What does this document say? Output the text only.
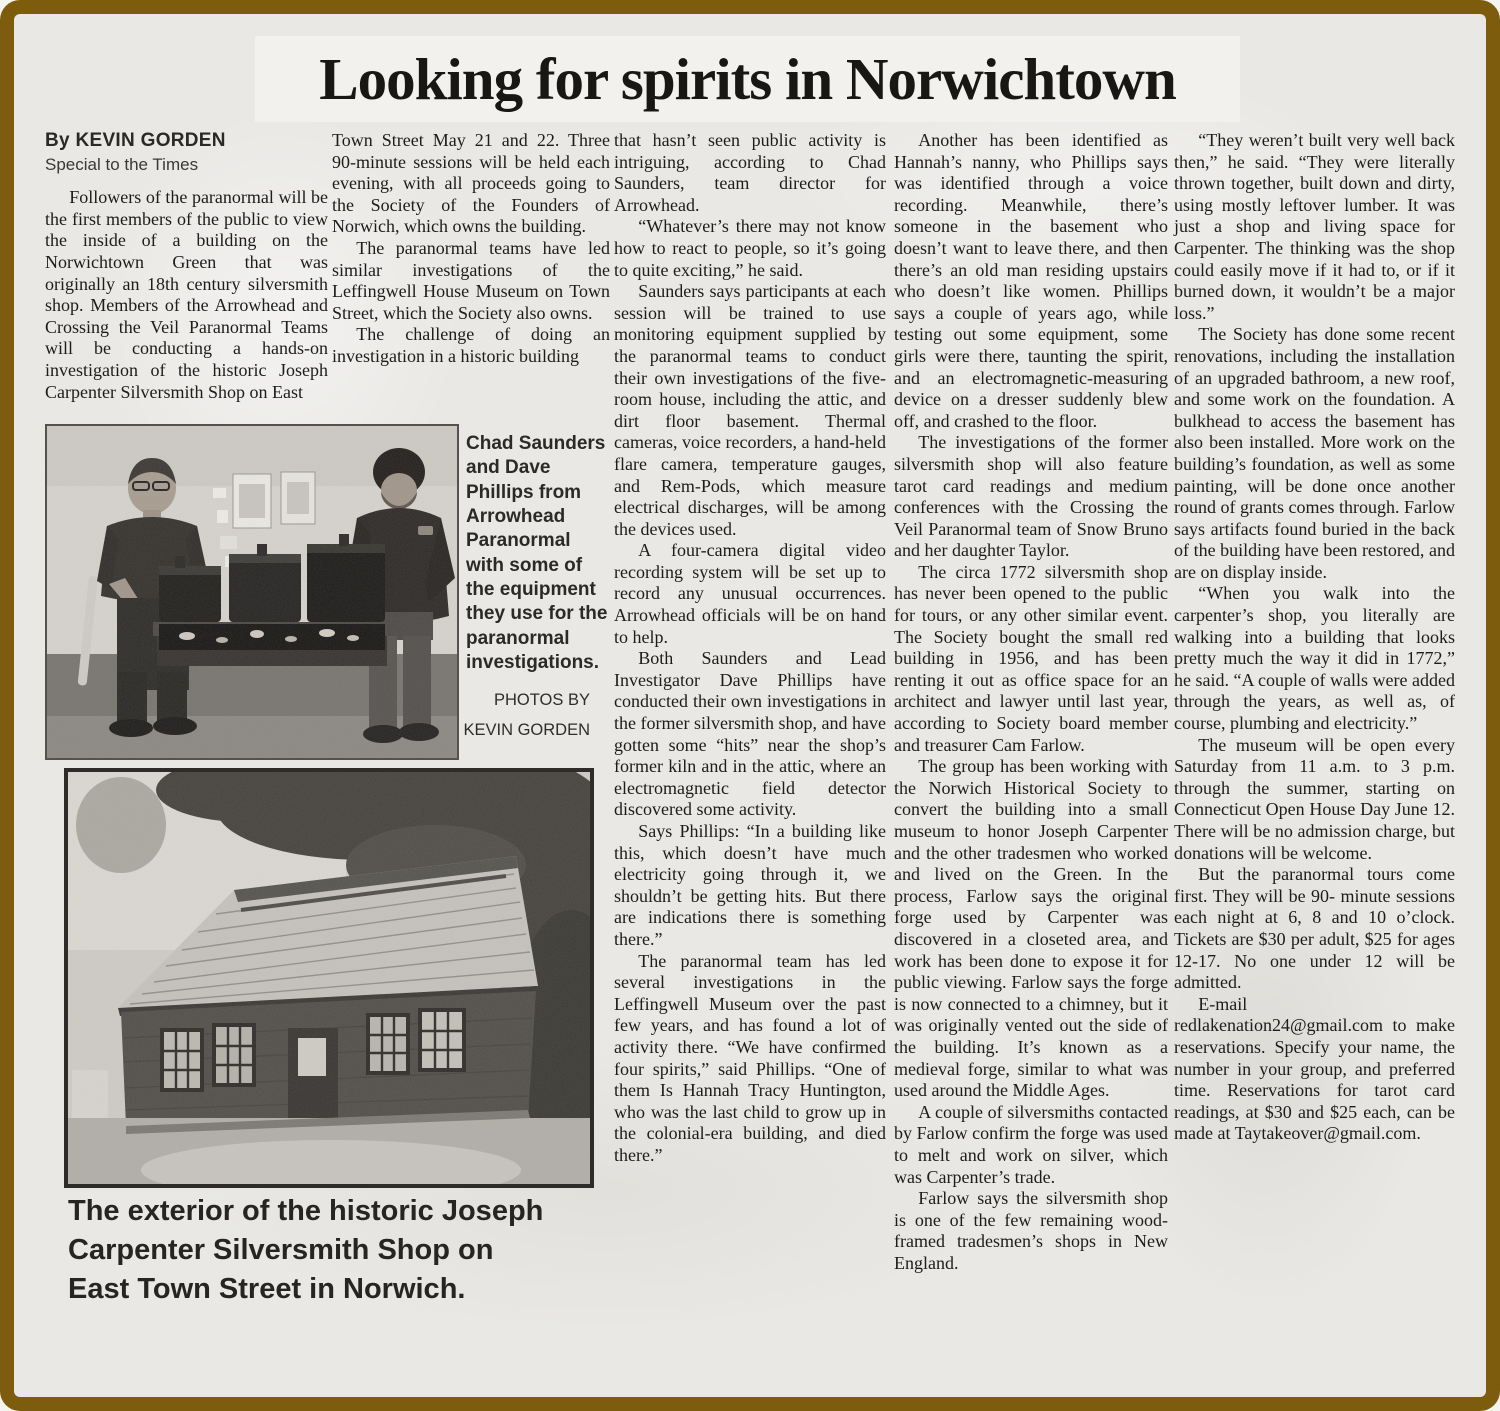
Looking for spirits in Norwichtown
By KEVIN GORDEN
Special to the Times

Followers of the paranormal will be the first members of the public to view the inside of a building on the Norwichtown Green that was originally an 18th century silversmith shop. Members of the Arrowhead and Crossing the Veil Paranormal Teams will be conducting a hands-on investigation of the historic Joseph Carpenter Silversmith Shop on East

Town Street May 21 and 22. Three 90-minute sessions will be held each evening, with all proceeds going to the Society of the Founders of Norwich, which owns the building.

The paranormal teams have led similar investigations of the Leffingwell House Museum on Town Street, which the Society also owns.

The challenge of doing an investigation in a historic building

that hasn’t seen public activity is intriguing, according to Chad Saunders, team director for Arrowhead.

“Whatever’s there may not know how to react to people, so it’s going to quite exciting,” he said.

Saunders says participants at each session will be trained to use monitoring equipment supplied by the paranormal teams to conduct their own investigations of the five-room house, including the attic, and dirt floor basement. Thermal cameras, voice recorders, a hand-held flare camera, temperature gauges, and Rem-Pods, which measure electrical discharges, will be among the devices used.

A four-camera digital video recording system will be set up to record any unusual occurrences. Arrowhead officials will be on hand to help.

Both Saunders and Lead Investigator Dave Phillips have conducted their own investigations in the former silversmith shop, and have gotten some “hits” near the shop’s former kiln and in the attic, where an electromagnetic field detector discovered some activity.

Says Phillips: “In a building like this, which doesn’t have much electricity going through it, we shouldn’t be getting hits. But there are indications there is something there.”

The paranormal team has led several investigations in the Leffingwell Museum over the past few years, and has found a lot of activity there. “We have confirmed four spirits,” said Phillips. “One of them Is Hannah Tracy Huntington, who was the last child to grow up in the colonial-era building, and died there.”

Another has been identified as Hannah’s nanny, who Phillips says was identified through a voice recording. Meanwhile, there’s someone in the basement who doesn’t want to leave there, and then there’s an old man residing upstairs who doesn’t like women. Phillips says a couple of years ago, while testing out some equipment, some girls were there, taunting the spirit, and an electromagnetic-measuring device on a dresser suddenly blew off, and crashed to the floor.

The investigations of the former silversmith shop will also feature tarot card readings and medium conferences with the Crossing the Veil Paranormal team of Snow Bruno and her daughter Taylor.

The circa 1772 silversmith shop has never been opened to the public for tours, or any other similar event. The Society bought the small red building in 1956, and has been renting it out as office space for an architect and lawyer until last year, according to Society board member and treasurer Cam Farlow.

The group has been working with the Norwich Historical Society to convert the building into a small museum to honor Joseph Carpenter and the other tradesmen who worked and lived on the Green. In the process, Farlow says the original forge used by Carpenter was discovered in a closeted area, and work has been done to expose it for public viewing. Farlow says the forge is now connected to a chimney, but it was originally vented out the side of the building. It’s known as a medieval forge, similar to what was used around the Middle Ages.

A couple of silversmiths contacted by Farlow confirm the forge was used to melt and work on silver, which was Carpenter’s trade.

Farlow says the silversmith shop is one of the few remaining wood-framed tradesmen’s shops in New England.

“They weren’t built very well back then,” he said. “They were literally thrown together, built down and dirty, using mostly leftover lumber. It was just a shop and living space for Carpenter. The thinking was the shop could easily move if it had to, or if it burned down, it wouldn’t be a major loss.”

The Society has done some recent renovations, including the installation of an upgraded bathroom, a new roof, and some work on the foundation. A bulkhead to access the basement has also been installed. More work on the building’s foundation, as well as some painting, will be done once another round of grants comes through. Farlow says artifacts found buried in the back of the building have been restored, and are on display inside.

“When you walk into the carpenter’s shop, you literally are walking into a building that looks pretty much the way it did in 1772,” he said. “A couple of walls were added through the years, as well as, of course, plumbing and electricity.”

The museum will be open every Saturday from 11 a.m. to 3 p.m. through the summer, starting on Connecticut Open House Day June 12. There will be no admission charge, but donations will be welcome.

But the paranormal tours come first. They will be 90- minute sessions each night at 6, 8 and 10 o’clock. Tickets are $30 per adult, $25 for ages 12-17. No one under 12 will be admitted.

E-mail redlakenation24@gmail.com to make reservations. Specify your name, the number in your group, and preferred time. Reservations for tarot card readings, at $30 and $25 each, can be made at Taytakeover@gmail.com.

Chad Saunders and Dave Phillips from Arrowhead Paranormal with some of the equipment they use for the paranormal investigations.
PHOTOS BY
KEVIN GORDEN
The exterior of the historic Joseph Carpenter Silversmith Shop on East Town Street in Norwich.
